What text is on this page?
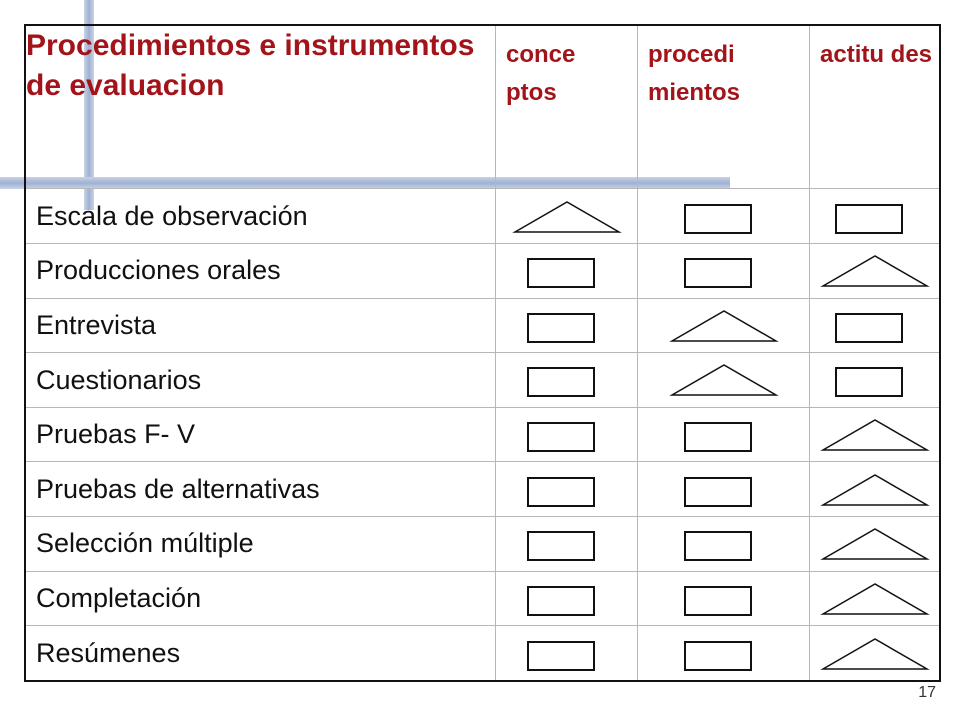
Procedimientos e instrumentos de evaluacion	conce ptos	procedi mientos	actitu des
Escala de observación	

Producciones orales	

Entrevista	

Cuestionarios	

Pruebas F- V	

Pruebas de alternativas	

Selección múltiple	

Completación	

Resúmenes	

17
